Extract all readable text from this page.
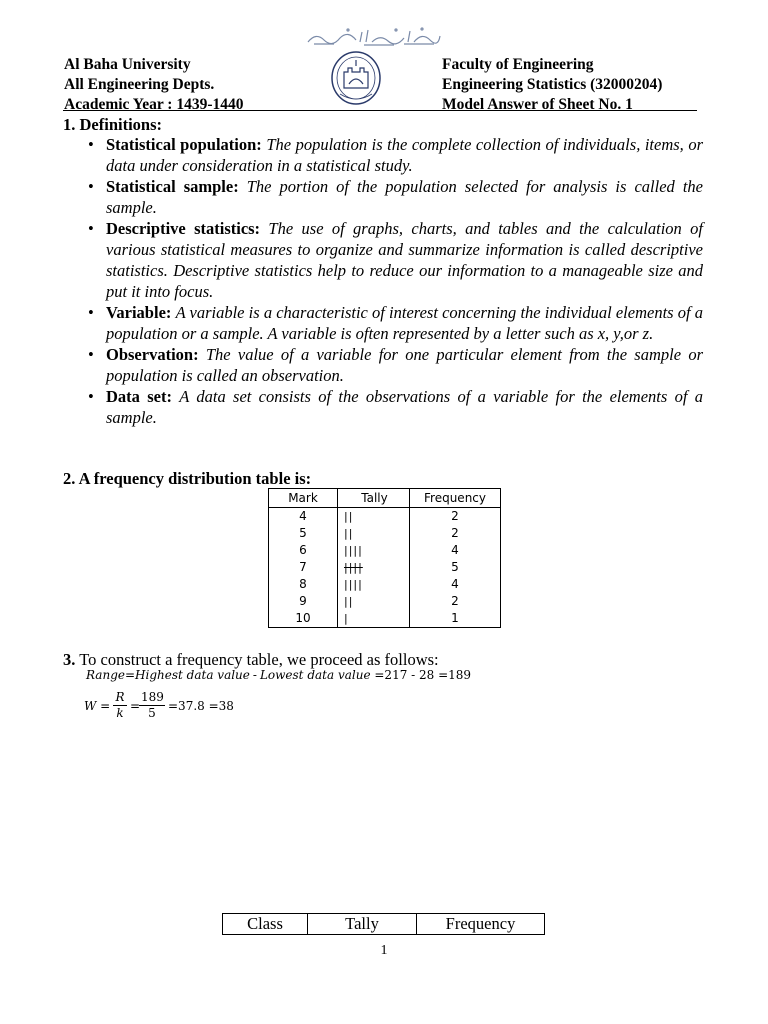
Al Baha University
All Engineering Depts.
Academic Year : 1439-1440
Faculty of Engineering
Engineering Statistics (32000204)
Model Answer of Sheet No. 1
1. Definitions:
• Statistical population: The population is the complete collection of individuals, items, or data under consideration in a statistical study.
• Statistical sample: The portion of the population selected for analysis is called the sample.
• Descriptive statistics: The use of graphs, charts, and tables and the calculation of various statistical measures to organize and summarize information is called descriptive statistics. Descriptive statistics help to reduce our information to a manageable size and put it into focus.
• Variable: A variable is a characteristic of interest concerning the individual elements of a population or a sample. A variable is often represented by a letter such as x, y,or z.
• Observation: The value of a variable for one particular element from the sample or population is called an observation.
• Data set: A data set consists of the observations of a variable for the elements of a sample.
2. A frequency distribution table is:
Mark	Tally	Frequency
4	||	2
5	||	2
6	||||	4
7	||||	5
8	||||	4
9	||	2
10	|	1
3. To construct a frequency table, we proceed as follows:
Range=Highest data value - Lowest data value =217 - 28 =189
$W = \frac{R}{k}$ =
$\frac{189}{5} =37.8 =38$
Class	Tally	Frequency
1
